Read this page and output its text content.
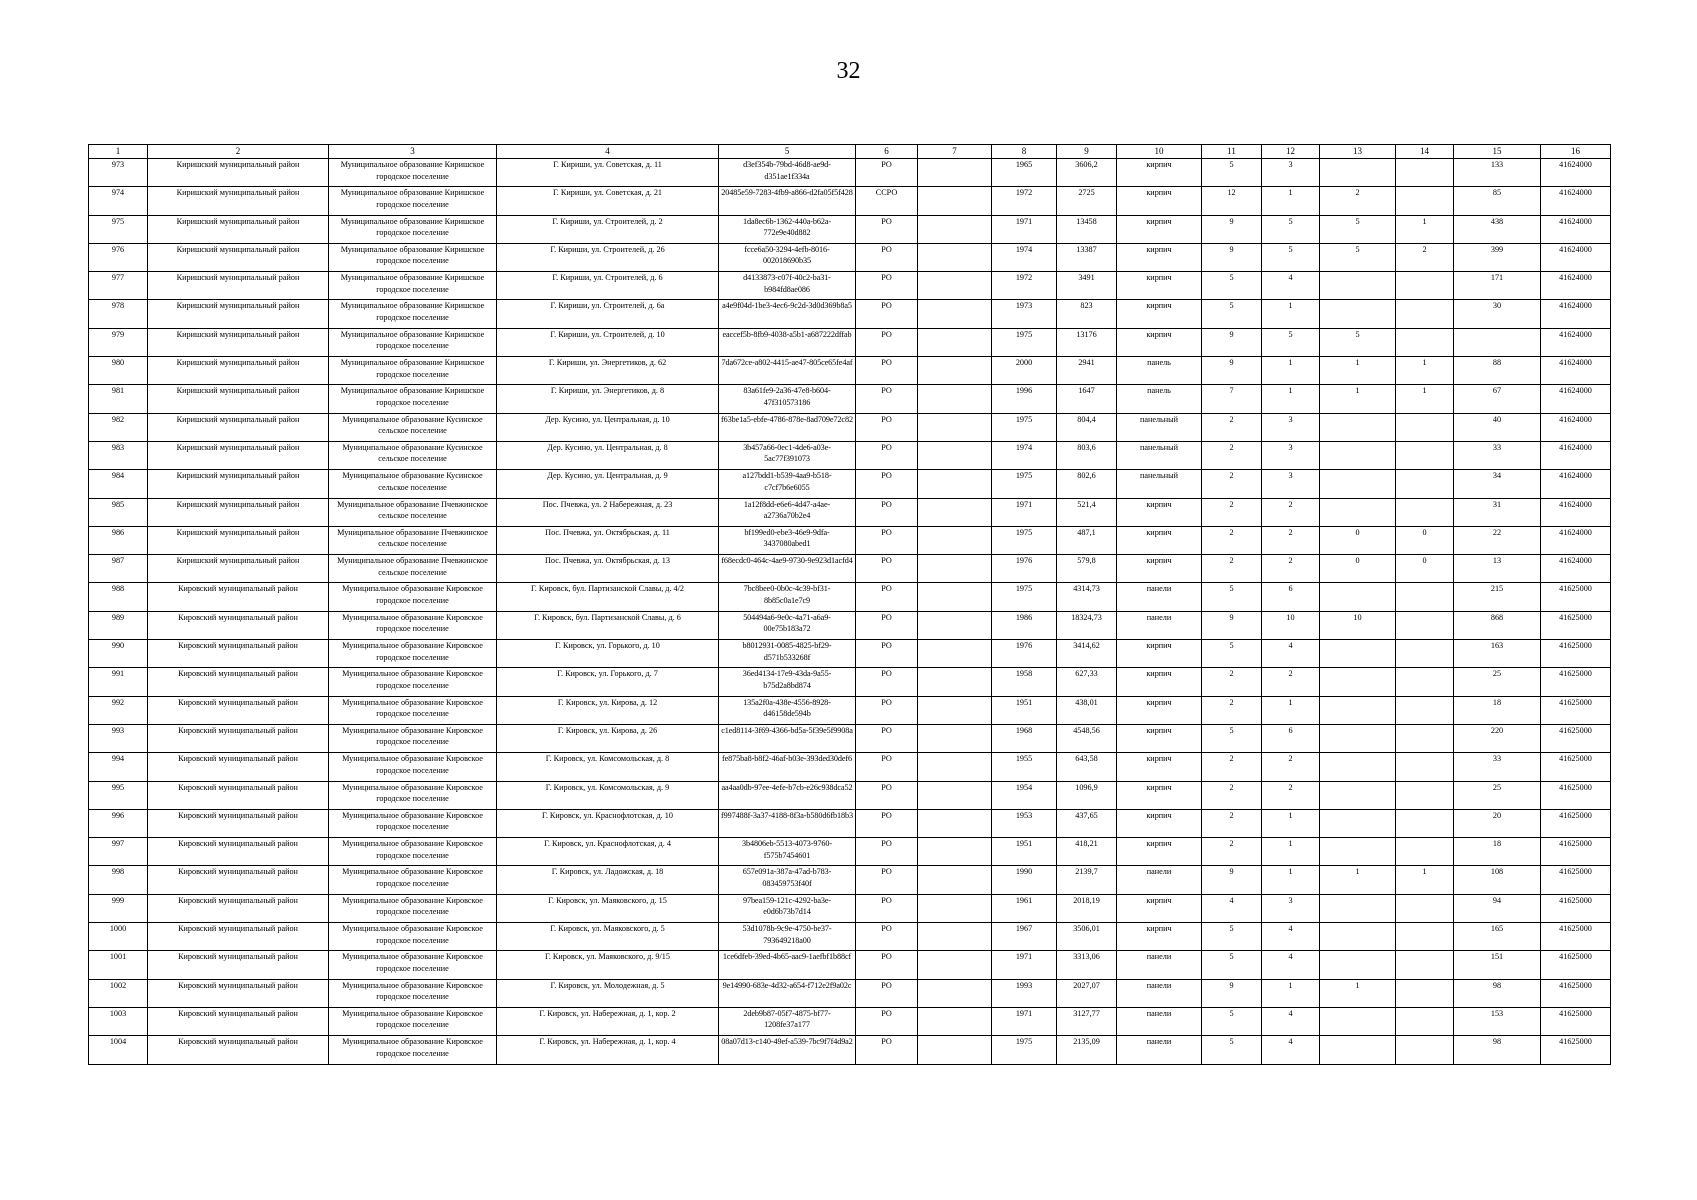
32
1	2	3	4	5	6	7	8	9	10	11	12	13	14	15	16
973	Киришский муниципальный район	Муниципальное образование Киришское городское поселение	Г. Кириши, ул. Советская, д. 11	d3ef354b-79bd-46d8-ae9d-d351ae1f334a	РО		1965	3606,2	кирпич	5	3			133	41624000
974	Киришский муниципальный район	Муниципальное образование Киришское городское поселение	Г. Кириши, ул. Советская, д. 21	20485e59-7283-4fb9-a866-d2fa05f5f428	ССРО		1972	2725	кирпич	12	1	2		85	41624000
975	Киришский муниципальный район	Муниципальное образование Киришское городское поселение	Г. Кириши, ул. Строителей, д. 2	1da8ec6b-1362-440a-b62a-772e9e40d882	РО		1971	13458	кирпич	9	5	5	1	438	41624000
976	Киришский муниципальный район	Муниципальное образование Киришское городское поселение	Г. Кириши, ул. Строителей, д. 26	fcce6a50-3294-4efb-8016-002018690b35	РО		1974	13387	кирпич	9	5	5	2	399	41624000
977	Киришский муниципальный район	Муниципальное образование Киришское городское поселение	Г. Кириши, ул. Строителей, д. 6	d4133873-c07f-40c2-ba31-b984fd8ae086	РО		1972	3491	кирпич	5	4			171	41624000
978	Киришский муниципальный район	Муниципальное образование Киришское городское поселение	Г. Кириши, ул. Строителей, д. 6а	a4e9f04d-1be3-4ec6-9c2d-3d0d369b8a5	РО		1973	823	кирпич	5	1			30	41624000
979	Киришский муниципальный район	Муниципальное образование Киришское городское поселение	Г. Кириши, ул. Строителей, д. 10	eaccef5b-8fb9-4038-a5b1-a687222dffab	РО		1975	13176	кирпич	9	5	5			41624000
980	Киришский муниципальный район	Муниципальное образование Киришское городское поселение	Г. Кириши, ул. Энергетиков, д. 62	7da672ce-a802-4415-ae47-805ce65fe4af	РО		2000	2941	панель	9	1	1	1	88	41624000
981	Киришский муниципальный район	Муниципальное образование Киришское городское поселение	Г. Кириши, ул. Энергетиков, д. 8	83a61fe9-2a36-47e8-b604-47f310573186	РО		1996	1647	панель	7	1	1	1	67	41624000
982	Киришский муниципальный район	Муниципальное образование Кусинское сельское поселение	Дер. Кусино, ул. Центральная, д. 10	f63be1a5-ebfe-4786-878e-8ad709e72c82	РО		1975	804,4	панельный	2	3			40	41624000
983	Киришский муниципальный район	Муниципальное образование Кусинское сельское поселение	Дер. Кусино, ул. Центральная, д. 8	3b457a66-0ec1-4de6-a03e-5ac77f391073	РО		1974	803,6	панельный	2	3			33	41624000
984	Киришский муниципальный район	Муниципальное образование Кусинское сельское поселение	Дер. Кусино, ул. Центральная, д. 9	a127bdd1-b539-4aa9-b518-c7cf7b6e6055	РО		1975	802,6	панельный	2	3			34	41624000
985	Киришский муниципальный район	Муниципальное образование Пчевжинское сельское поселение	Пос. Пчевжа, ул. 2 Набережная, д. 23	1a12f8dd-e6e6-4d47-a4ae-a2736a70b2e4	РО		1971	521,4	кирпич	2	2			31	41624000
986	Киришский муниципальный район	Муниципальное образование Пчевжинское сельское поселение	Пос. Пчевжа, ул. Октябрьская, д. 11	bf199ed0-ebe3-46e9-9dfa-3437080abed1	РО		1975	487,1	кирпич	2	2	0	0	22	41624000
987	Киришский муниципальный район	Муниципальное образование Пчевжинское сельское поселение	Пос. Пчевжа, ул. Октябрьская, д. 13	f68ecdc0-464c-4ae9-9730-9e923d1acfd4	РО		1976	579,8	кирпич	2	2	0	0	13	41624000
988	Кировский муниципальный район	Муниципальное образование Кировское городское поселение	Г. Кировск, бул. Партизанской Славы, д. 4/2	7bc8bee0-0b0c-4c39-bf31-8b85c0a1e7c9	РО		1975	4314,73	панели	5	6			215	41625000
989	Кировский муниципальный район	Муниципальное образование Кировское городское поселение	Г. Кировск, бул. Партизанской Славы, д. 6	504494a6-9e0c-4a71-a6a9-00e75b183a72	РО		1986	18324,73	панели	9	10	10		868	41625000
990	Кировский муниципальный район	Муниципальное образование Кировское городское поселение	Г. Кировск, ул. Горького, д. 10	b8012931-0085-4825-bf29-d571b533268f	РО		1976	3414,62	кирпич	5	4			163	41625000
991	Кировский муниципальный район	Муниципальное образование Кировское городское поселение	Г. Кировск, ул. Горького, д. 7	36ed4134-17e9-43da-9a55-b75d2a8bd874	РО		1958	627,33	кирпич	2	2			25	41625000
992	Кировский муниципальный район	Муниципальное образование Кировское городское поселение	Г. Кировск, ул. Кирова, д. 12	135a2f0a-438e-4556-8928-d46158de594b	РО		1951	438,01	кирпич	2	1			18	41625000
993	Кировский муниципальный район	Муниципальное образование Кировское городское поселение	Г. Кировск, ул. Кирова, д. 26	c1ed8114-3f69-4366-bd5a-5f39e5f9908a	РО		1968	4548,56	кирпич	5	6			220	41625000
994	Кировский муниципальный район	Муниципальное образование Кировское городское поселение	Г. Кировск, ул. Комсомольская, д. 8	fe875ba8-b8f2-46af-b03e-393ded30def6	РО		1955	643,58	кирпич	2	2			33	41625000
995	Кировский муниципальный район	Муниципальное образование Кировское городское поселение	Г. Кировск, ул. Комсомольская, д. 9	aa4aa0db-97ee-4efe-b7cb-e26c938dca52	РО		1954	1096,9	кирпич	2	2			25	41625000
996	Кировский муниципальный район	Муниципальное образование Кировское городское поселение	Г. Кировск, ул. Краснофлотская, д. 10	f997488f-3a37-4188-8f3a-b580d6fb18b3	РО		1953	437,65	кирпич	2	1			20	41625000
997	Кировский муниципальный район	Муниципальное образование Кировское городское поселение	Г. Кировск, ул. Краснофлотская, д. 4	3b4806eb-5513-4073-9760-f575b7454601	РО		1951	418,21	кирпич	2	1			18	41625000
998	Кировский муниципальный район	Муниципальное образование Кировское городское поселение	Г. Кировск, ул. Ладожская, д. 18	657e091a-387a-47ad-b783-083459753f40f	РО		1990	2139,7	панели	9	1	1	1	108	41625000
999	Кировский муниципальный район	Муниципальное образование Кировское городское поселение	Г. Кировск, ул. Маяковского, д. 15	97bea159-121c-4292-ba3e-e0d6b73b7d14	РО		1961	2018,19	кирпич	4	3			94	41625000
1000	Кировский муниципальный район	Муниципальное образование Кировское городское поселение	Г. Кировск, ул. Маяковского, д. 5	53d1078b-9c9e-4750-be37-793649218a00	РО		1967	3506,01	кирпич	5	4			165	41625000
1001	Кировский муниципальный район	Муниципальное образование Кировское городское поселение	Г. Кировск, ул. Маяковского, д. 9/15	1ce6dfeb-39ed-4b65-aac9-1aefbf1b88cf	РО		1971	3313,06	панели	5	4			151	41625000
1002	Кировский муниципальный район	Муниципальное образование Кировское городское поселение	Г. Кировск, ул. Молодежная, д. 5	9e14990-683e-4d32-a654-f712e2f9a02c	РО		1993	2027,07	панели	9	1	1		98	41625000
1003	Кировский муниципальный район	Муниципальное образование Кировское городское поселение	Г. Кировск, ул. Набережная, д. 1, кор. 2	2deb9b87-05f7-4875-bf77-1208fe37a177	РО		1971	3127,77	панели	5	4			153	41625000
1004	Кировский муниципальный район	Муниципальное образование Кировское городское поселение	Г. Кировск, ул. Набережная, д. 1, кор. 4	08a07d13-c140-49ef-a539-7bc9f7f4d9a2	РО		1975	2135,09	панели	5	4			98	41625000
